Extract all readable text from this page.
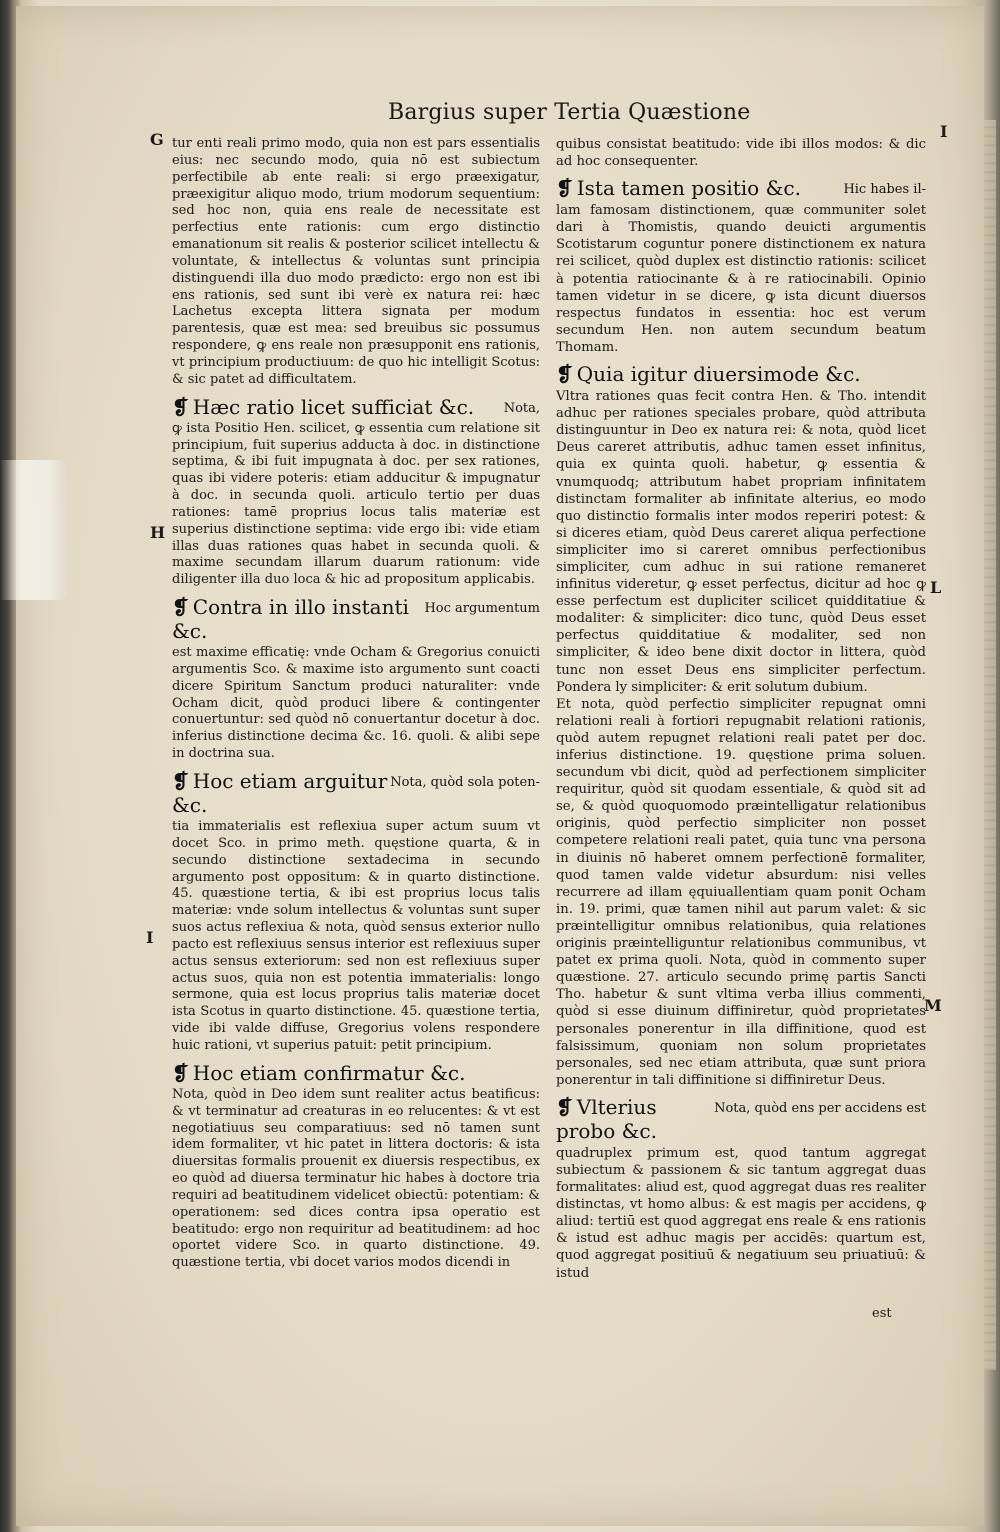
Bargius super Tertia Quæstione
G
H
I
I
L
M

tur enti reali primo modo, quia non est pars essentialis eius: nec secundo modo, quia nō est subiectum perfectibile ab ente reali: si ergo præexigatur, præexigitur aliquo modo, trium modorum sequentium: sed hoc non, quia ens reale de necessitate est perfectius ente rationis: cum ergo distinctio emanationum sit realis & posterior scilicet intellectu & voluntate, & intellectus & voluntas sunt principia distinguendi illa duo modo prædicto: ergo non est ibi ens rationis, sed sunt ibi verè ex natura rei: hæc Lachetus excepta littera signata per modum parentesis, quæ est mea: sed breuibus sic possumus respondere, ꝙ ens reale non præsupponit ens rationis, vt principium productiuum: de quo hic intelligit Scotus: & sic patet ad difficultatem.

Nota,
❡ Hæc ratio licet sufficiat &c.

ꝙ ista Positio Hen. scilicet, ꝙ essentia cum relatione sit principium, fuit superius adducta à doc. in distinctione septima, & ibi fuit impugnata à doc. per sex rationes, quas ibi videre poteris: etiam adducitur & impugnatur à doc. in secunda quoli. articulo tertio per duas rationes: tamē proprius locus talis materiæ est superius distinctione septima: vide ergo ibi: vide etiam illas duas rationes quas habet in secunda quoli. & maxime secundam illarum duarum rationum: vide diligenter illa duo loca & hic ad propositum applicabis.

Hoc argumentum
❡ Contra in illo instanti &c.

est maxime efficatię: vnde Ocham & Gregorius conuicti argumentis Sco. & maxime isto argumento sunt coacti dicere Spiritum Sanctum produci naturaliter: vnde Ocham dicit, quòd produci libere & contingenter conuertuntur: sed quòd nō conuertantur docetur à doc. inferius distinctione decima &c. 16. quoli. & alibi sepe in doctrina sua.

Nota, quòd sola poten-
❡ Hoc etiam arguitur &c.

tia immaterialis est reflexiua super actum suum vt docet Sco. in primo meth. quęstione quarta, & in secundo distinctione sextadecima in secundo argumento post oppositum: & in quarto distinctione. 45. quæstione tertia, & ibi est proprius locus talis materiæ: vnde solum intellectus & voluntas sunt super suos actus reflexiua & nota, quòd sensus exterior nullo pacto est reflexiuus sensus interior est reflexiuus super actus sensus exteriorum: sed non est reflexiuus super actus suos, quia non est potentia immaterialis: longo sermone, quia est locus proprius talis materiæ docet ista Scotus in quarto distinctione. 45. quæstione tertia, vide ibi valde diffuse, Gregorius volens respondere huic rationi, vt superius patuit: petit principium.

❡ Hoc etiam confirmatur &c.

Nota, quòd in Deo idem sunt realiter actus beatificus: & vt terminatur ad creaturas in eo relucentes: & vt est negotiatiuus seu comparatiuus: sed nō tamen sunt idem formaliter, vt hic patet in littera doctoris: & ista diuersitas formalis prouenit ex diuersis respectibus, ex eo quòd ad diuersa terminatur hic habes à doctore tria requiri ad beatitudinem videlicet obiectū: potentiam: & operationem: sed dices contra ipsa operatio est beatitudo: ergo non requiritur ad beatitudinem: ad hoc oportet videre Sco. in quarto distinctione. 49. quæstione tertia, vbi docet varios modos dicendi in

quibus consistat beatitudo: vide ibi illos modos: & dic ad hoc consequenter.

Hic habes il-
❡ Ista tamen positio &c.

lam famosam distinctionem, quæ communiter solet dari à Thomistis, quando deuicti argumentis Scotistarum coguntur ponere distinctionem ex natura rei scilicet, quòd duplex est distinctio rationis: scilicet à potentia ratiocinante & à re ratiocinabili. Opinio tamen videtur in se dicere, ꝙ ista dicunt diuersos respectus fundatos in essentia: hoc est verum secundum Hen. non autem secundum beatum Thomam.

❡ Quia igitur diuersimode &c.

Vltra rationes quas fecit contra Hen. & Tho. intendit adhuc per rationes speciales probare, quòd attributa distinguuntur in Deo ex natura rei: & nota, quòd licet Deus careret attributis, adhuc tamen esset infinitus, quia ex quinta quoli. habetur, ꝙ essentia & vnumquodq; attributum habet propriam infinitatem distinctam formaliter ab infinitate alterius, eo modo quo distinctio formalis inter modos reperiri potest: & si diceres etiam, quòd Deus careret aliqua perfectione simpliciter imo si careret omnibus perfectionibus simpliciter, cum adhuc in sui ratione remaneret infinitus videretur, ꝙ esset perfectus, dicitur ad hoc ꝙ esse perfectum est dupliciter scilicet quidditatiue & modaliter: & simpliciter: dico tunc, quòd Deus esset perfectus quidditatiue & modaliter, sed non simpliciter, & ideo bene dixit doctor in littera, quòd tunc non esset Deus ens simpliciter perfectum. Pondera ly simpliciter: & erit solutum dubium.

Et nota, quòd perfectio simpliciter repugnat omni relationi reali à fortiori repugnabit relationi rationis, quòd autem repugnet relationi reali patet per doc. inferius distinctione. 19. quęstione prima soluen. secundum vbi dicit, quòd ad perfectionem simpliciter requiritur, quòd sit quodam essentiale, & quòd sit ad se, & quòd quoquomodo præintelligatur relationibus originis, quòd perfectio simpliciter non posset competere relationi reali patet, quia tunc vna persona in diuinis nō haberet omnem perfectionē formaliter, quod tamen valde videtur absurdum: nisi velles recurrere ad illam ęquiuallentiam quam ponit Ocham in. 19. primi, quæ tamen nihil aut parum valet: & sic præintelligitur omnibus relationibus, quia relationes originis præintelliguntur relationibus communibus, vt patet ex prima quoli. Nota, quòd in commento super quæstione. 27. articulo secundo primę partis Sancti Tho. habetur & sunt vltima verba illius commenti, quòd si esse diuinum diffiniretur, quòd proprietates personales ponerentur in illa diffinitione, quod est falsissimum, quoniam non solum proprietates personales, sed nec etiam attributa, quæ sunt priora ponerentur in tali diffinitione si diffiniretur Deus.

Nota, quòd ens per accidens est
❡ Vlterius probo &c.

quadruplex primum est, quod tantum aggregat subiectum & passionem & sic tantum aggregat duas formalitates: aliud est, quod aggregat duas res realiter distinctas, vt homo albus: & est magis per accidens, ꝙ aliud: tertiū est quod aggregat ens reale & ens rationis & istud est adhuc magis per accidēs: quartum est, quod aggregat positiuū & negatiuum seu priuatiuū: & istud

est
